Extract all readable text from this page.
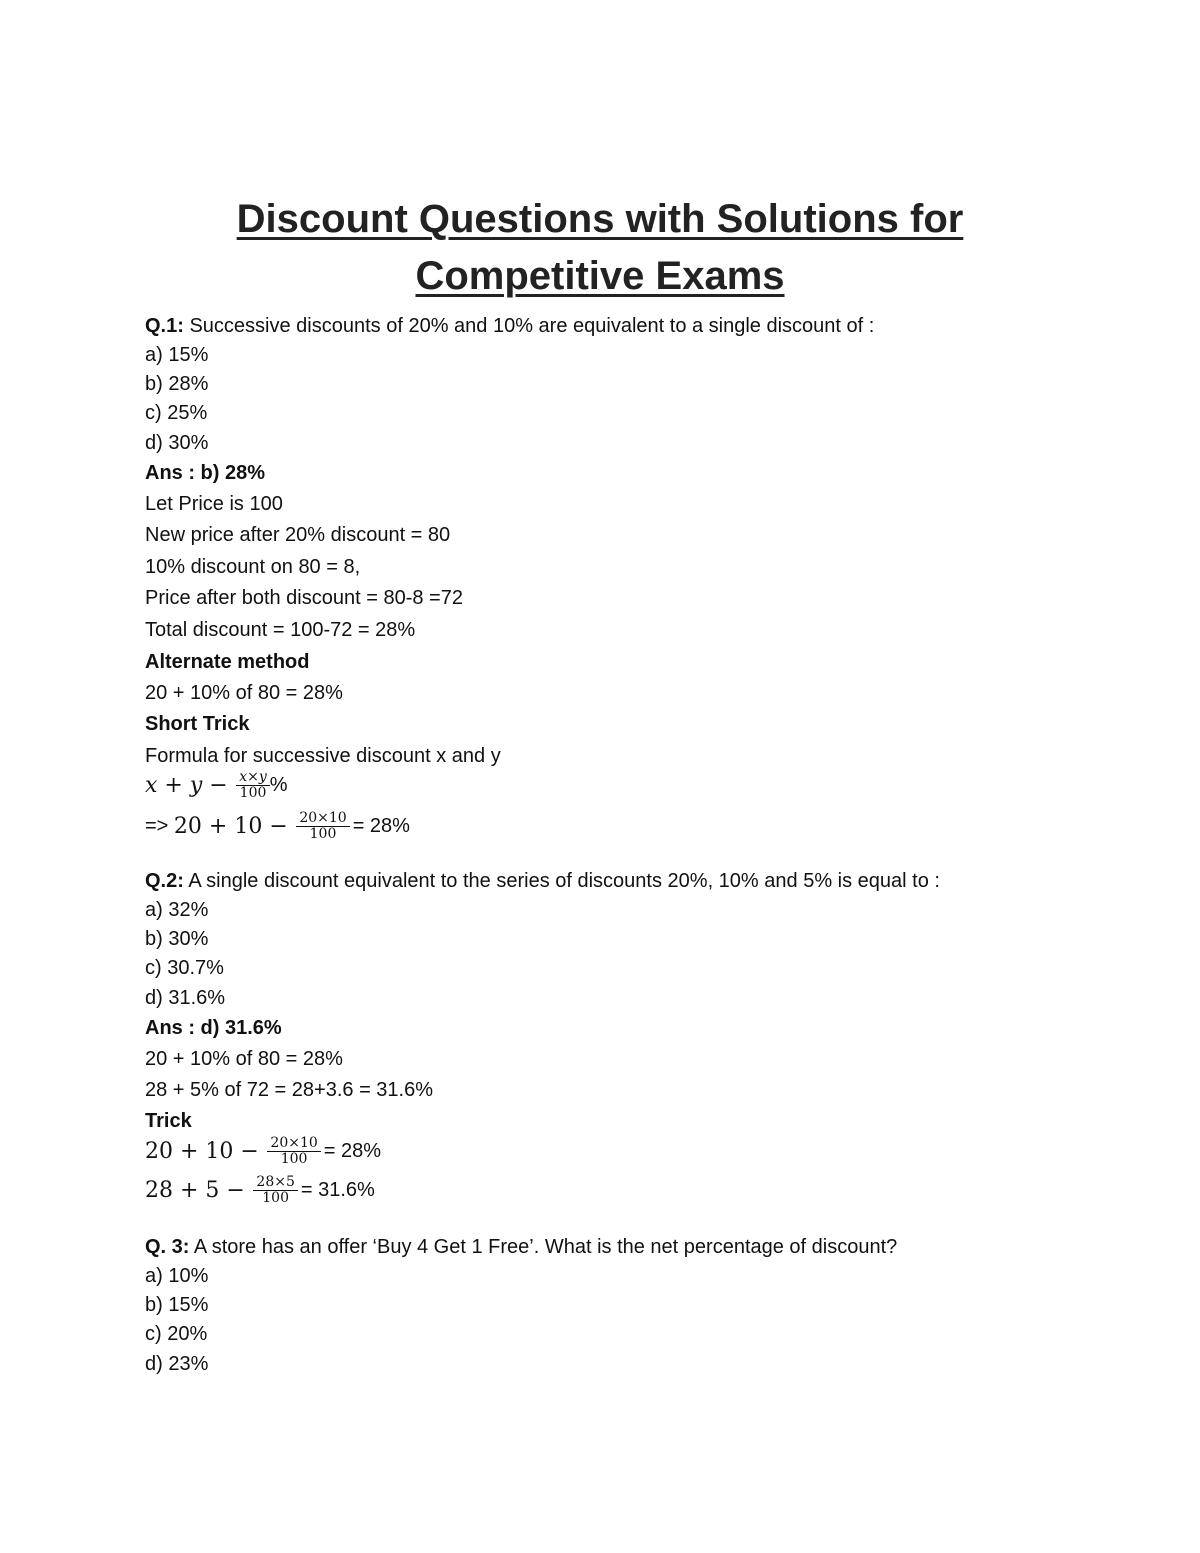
Discount Questions with Solutions for
Competitive Exams
Q.1: Successive discounts of 20% and 10% are equivalent to a single discount of :
a) 15%
b) 28%
c) 25%
d) 30%
Ans : b) 28%
Let Price is 100
New price after 20% discount = 80
10% discount on 80 = 8,
Price after both discount = 80-8 =72
Total discount = 100-72 = 28%
Alternate method
20 + 10% of 80 = 28%
Short Trick
Formula for successive discount x and y
$x + y - \frac{x\times y}{100}$ %
=> $20 + 10 - \frac{20\times 10}{100} = 28\%$
Q.2: A single discount equivalent to the series of discounts 20%, 10% and 5% is equal to :
a) 32%
b) 30%
c) 30.7%
d) 31.6%
Ans : d) 31.6%
20 + 10% of 80 = 28%
28 + 5% of 72 = 28+3.6 = 31.6%
Trick
$20 + 10 - \frac{20\times 10}{100} = 28\%$
$28 + 5 - \frac{28\times 5}{100} = 31.6\%$
Q. 3: A store has an offer ‘Buy 4 Get 1 Free’. What is the net percentage of discount?
a) 10%
b) 15%
c) 20%
d) 23%
